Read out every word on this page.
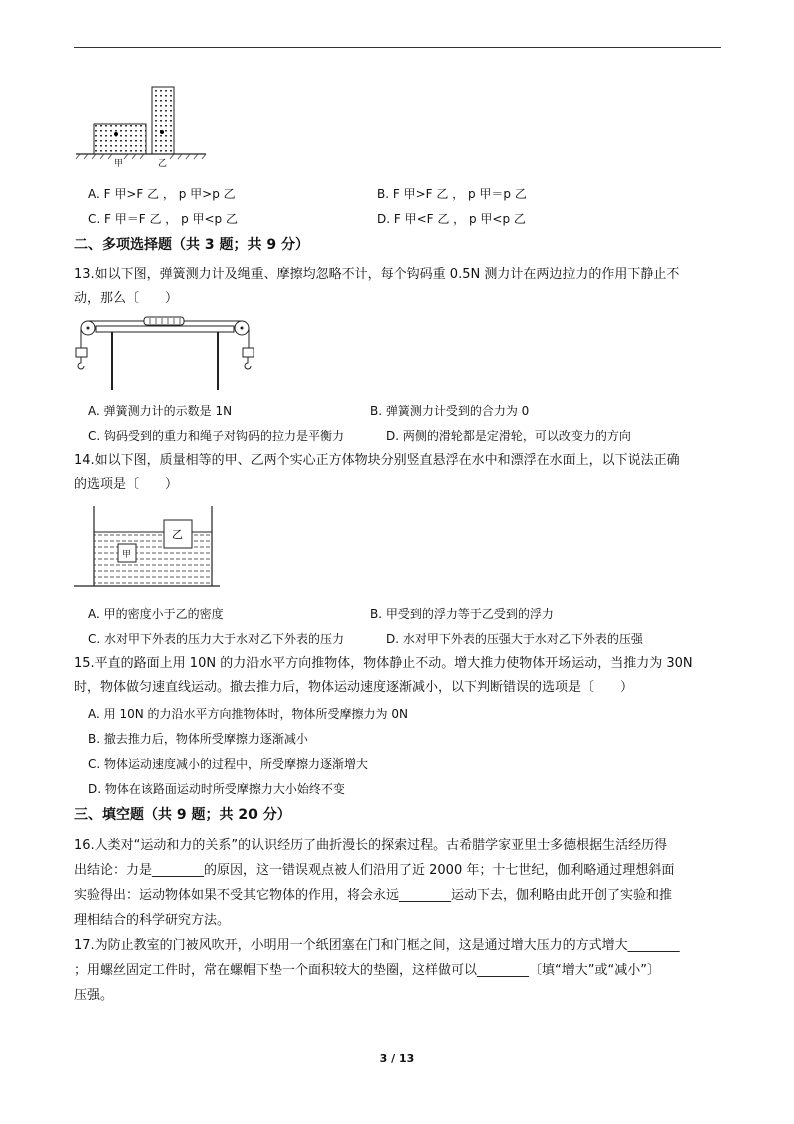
甲	乙
A. F 甲>F 乙 ， p 甲>p 乙	B. F 甲>F 乙 ， p 甲＝p 乙
C. F 甲＝F 乙 ， p 甲<p 乙	D. F 甲<F 乙 ， p 甲<p 乙
二、多项选择题（共 3 题；共 9 分）
13.如以下图，弹簧测力计及绳重、摩擦均忽略不计，每个钩码重 0.5N 测力计在两边拉力的作用下静止不
动，那么〔　　）
A. 弹簧测力计的示数是 1N	B. 弹簧测力计受到的合力为 0
C. 钩码受到的重力和绳子对钩码的拉力是平衡力	D. 两侧的滑轮都是定滑轮，可以改变力的方向
14.如以下图，质量相等的甲、乙两个实心正方体物块分别竖直悬浮在水中和漂浮在水面上，以下说法正确
的选项是〔　　）
甲
乙
A. 甲的密度小于乙的密度	B. 甲受到的浮力等于乙受到的浮力
C. 水对甲下外表的压力大于水对乙下外表的压力	D. 水对甲下外表的压强大于水对乙下外表的压强
15.平直的路面上用 10N 的力沿水平方向推物体，物体静止不动。增大推力使物体开场运动，当推力为 30N
时，物体做匀速直线运动。撤去推力后，物体运动速度逐渐减小，以下判断错误的选项是〔　　）
A. 用 10N 的力沿水平方向推物体时，物体所受摩擦力为 0N
B. 撤去推力后，物体所受摩擦力逐渐减小
C. 物体运动速度减小的过程中，所受摩擦力逐渐增大
D. 物体在该路面运动时所受摩擦力大小始终不变
三、填空题（共 9 题；共 20 分）
16.人类对“运动和力的关系”的认识经历了曲折漫长的探索过程。古希腊学家亚里士多德根据生活经历得
出结论：力是________的原因，这一错误观点被人们沿用了近 2000 年；十七世纪，伽利略通过理想斜面
实验得出：运动物体如果不受其它物体的作用，将会永远________运动下去，伽利略由此开创了实验和推
理相结合的科学研究方法。
17.为防止教室的门被风吹开，小明用一个纸团塞在门和门框之间，这是通过增大压力的方式增大________
；用螺丝固定工件时，常在螺帽下垫一个面积较大的垫圈，这样做可以________〔填“增大”或“减小”〕
压强。
3 / 13
